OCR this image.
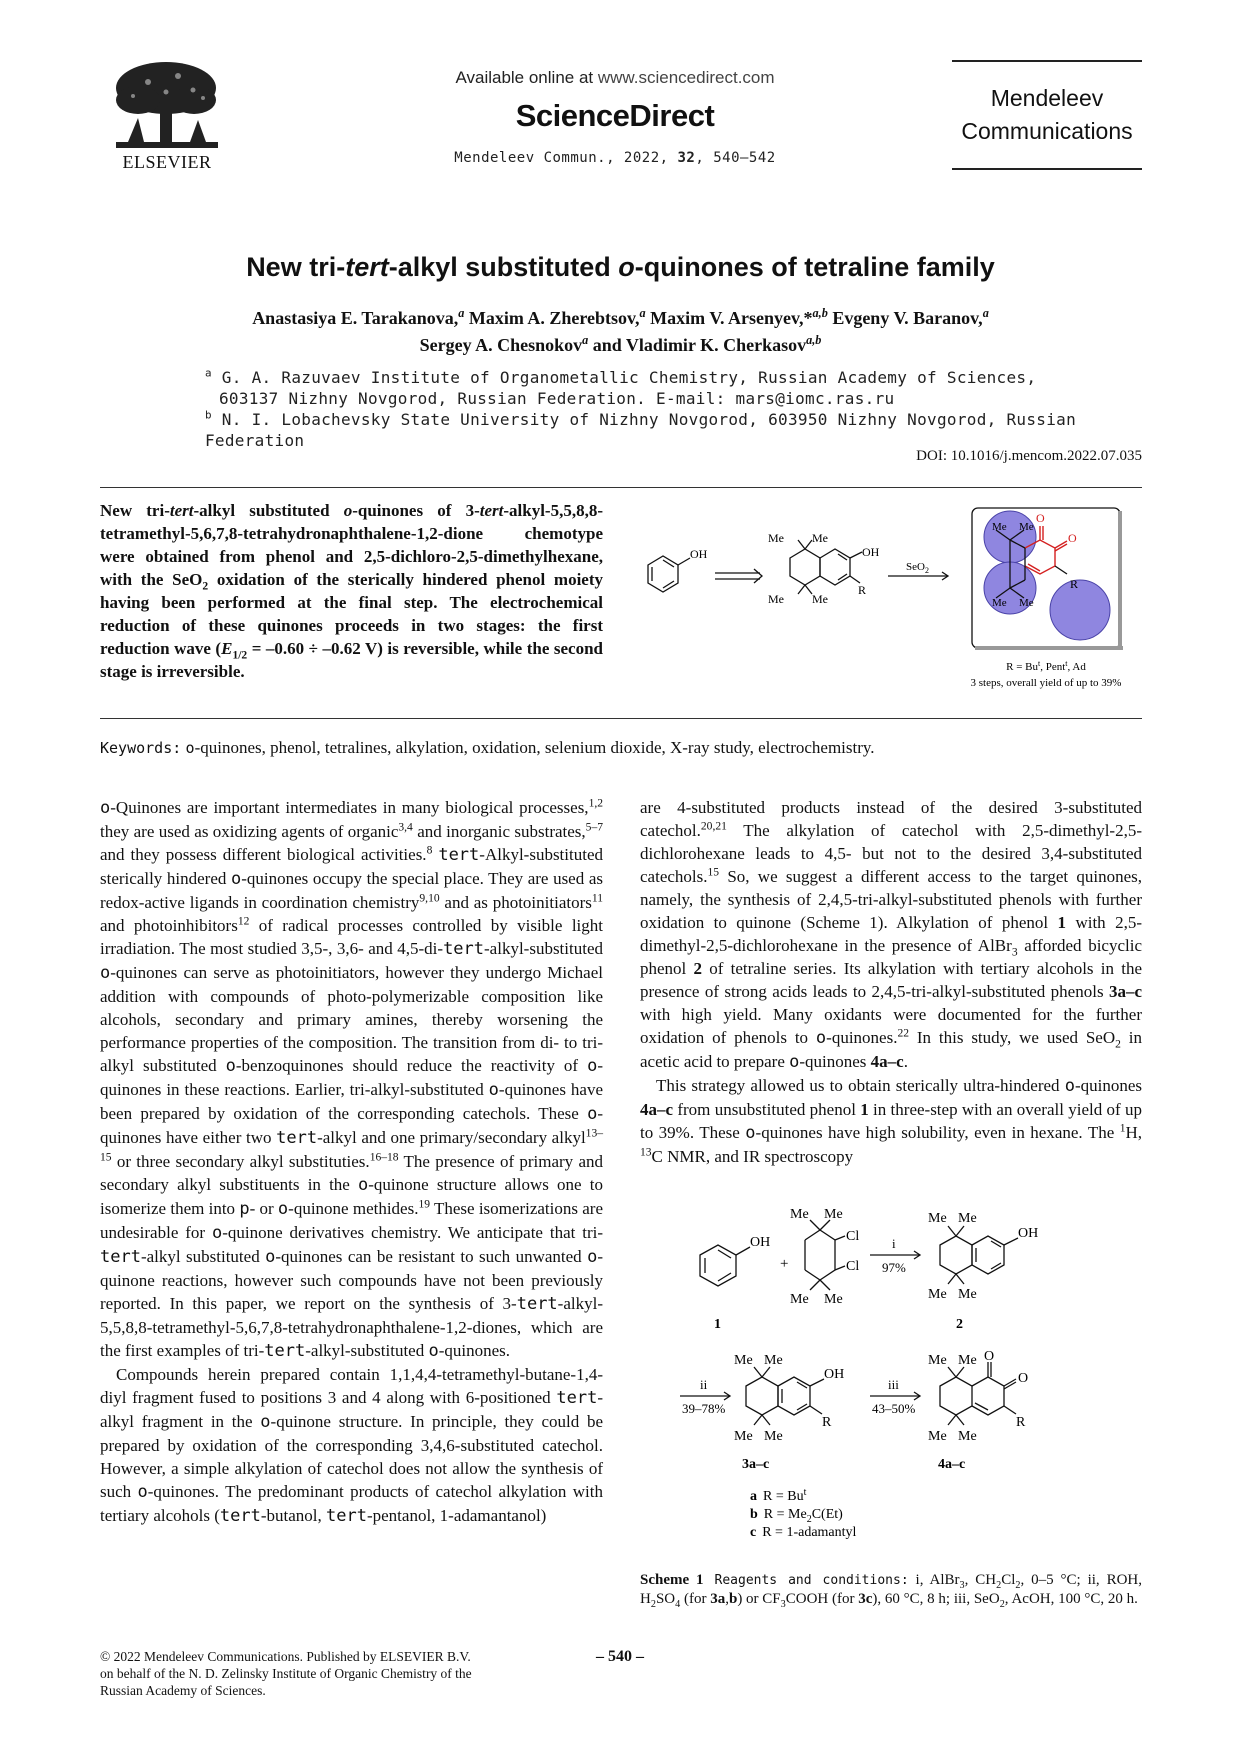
ELSEVIER
Available online at www.sciencedirect.com
ScienceDirect
Mendeleev Commun., 2022, 32, 540–542
Mendeleev
Communications
New tri-tert-alkyl substituted o-quinones of tetraline family
Anastasiya E. Tarakanova,$^a$ Maxim A. Zherebtsov,$^a$ Maxim V. Arsenyev,*$^{a,b}$ Evgeny V. Baranov,$^a$
Sergey A. Chesnokov$^a$ and Vladimir K. Cherkasov$^{a,b}$
$^a$ G. A. Razuvaev Institute of Organometallic Chemistry, Russian Academy of Sciences,
603137 Nizhny Novgorod, Russian Federation. E-mail: mars@iomc.ras.ru
$^b$ N. I. Lobachevsky State University of Nizhny Novgorod, 603950 Nizhny Novgorod, Russian Federation
DOI: 10.1016/j.mencom.2022.07.035
New tri-tert-alkyl substituted o-quinones of 3-tert-alkyl-5,5,8,8-tetramethyl-5,6,7,8-tetrahydronaphthalene-1,2-dione chemotype were obtained from phenol and 2,5-dichloro-2,5-dimethylhexane, with the SeO$_2$ oxidation of the sterically hindered phenol moiety having been performed at the final step. The electrochemical reduction of these quinones proceeds in two stages: the first reduction wave ($E_{1/2} = -0.60 \div -0.62$ V) is reversible, while the second stage is irreversible.
OH
Me Me
Me Me
OH
R
SeO$_2$
Me Me
Me Me
O
O
R
$R = Bu^t$, Pent$^t$, Ad
3 steps, overall yield of up to 39%
Keywords: o-quinones, phenol, tetralines, alkylation, oxidation, selenium dioxide, X-ray study, electrochemistry.

o-Quinones are important intermediates in many biological processes,$^{1,2}$ they are used as oxidizing agents of organic$^{3,4}$ and inorganic substrates,$^{5-7}$ and they possess different biological activities.$^8$ tert-Alkyl-substituted sterically hindered o-quinones occupy the special place. They are used as redox-active ligands in coordination chemistry$^{9,10}$ and as photoinitiators$^{11}$ and photoinhibitors$^{12}$ of radical processes controlled by visible light irradiation. The most studied 3,5-, 3,6- and 4,5-di-tert-alkyl-substituted o-quinones can serve as photoinitiators, however they undergo Michael addition with compounds of photo-polymerizable composition like alcohols, secondary and primary amines, thereby worsening the performance properties of the composition. The transition from di- to tri-alkyl substituted o-benzoquinones should reduce the reactivity of o-quinones in these reactions. Earlier, tri-alkyl-substituted o-quinones have been prepared by oxidation of the corresponding catechols. These o-quinones have either two tert-alkyl and one primary/secondary alkyl$^{13-15}$ or three secondary alkyl substituties.$^{16-18}$ The presence of primary and secondary alkyl substituents in the o-quinone structure allows one to isomerize them into p- or o-quinone methides.$^{19}$ These isomerizations are undesirable for o-quinone derivatives chemistry. We anticipate that tri-tert-alkyl substituted o-quinones can be resistant to such unwanted o-quinone reactions, however such compounds have not been previously reported. In this paper, we report on the synthesis of 3-tert-alkyl-5,5,8,8-tetramethyl-5,6,7,8-tetrahydronaphthalene-1,2-diones, which are the first examples of tri-tert-alkyl-substituted o-quinones.

Compounds herein prepared contain 1,1,4,4-tetramethyl-butane-1,4-diyl fragment fused to positions 3 and 4 along with 6-positioned tert-alkyl fragment in the o-quinone structure. In principle, they could be prepared by oxidation of the corresponding 3,4,6-substituted catechol. However, a simple alkylation of catechol does not allow the synthesis of such o-quinones. The predominant products of catechol alkylation with tertiary alcohols (tert-butanol, tert-pentanol, 1-adamantanol)

are 4-substituted products instead of the desired 3-substituted catechol.$^{20,21}$ The alkylation of catechol with 2,5-dimethyl-2,5-dichlorohexane leads to 4,5- but not to the desired 3,4-substituted catechols.$^{15}$ So, we suggest a different access to the target quinones, namely, the synthesis of 2,4,5-tri-alkyl-substituted phenols with further oxidation to quinone (Scheme 1). Alkylation of phenol 1 with 2,5-dimethyl-2,5-dichlorohexane in the presence of AlBr$_3$ afforded bicyclic phenol 2 of tetraline series. Its alkylation with tertiary alcohols in the presence of strong acids leads to 2,4,5-tri-alkyl-substituted phenols 3a–c with high yield. Many oxidants were documented for the further oxidation of phenols to o-quinones.$^{22}$ In this study, we used SeO$_2$ in acetic acid to prepare o-quinones 4a–c.

This strategy allowed us to obtain sterically ultra-hindered o-quinones 4a–c from unsubstituted phenol 1 in three-step with an overall yield of up to 39%. These o-quinones have high solubility, even in hexane. The $^1$H, $^{13}$C NMR, and IR spectroscopy

OH
+
Me Me
Cl
Cl
Me Me
i
97%
Me Me
OH
Me Me
1	2
ii
39–78%
Me Me
OH
R
Me Me
3a–c
iii
43–50%
Me Me O
O
R
Me Me
4a–c
a $R = Bu^t$
b $R = Me_2C(Et)$
c R = 1-adamantyl
Scheme 1 Reagents and conditions: i, AlBr$_3$, $CH_2Cl_2$, 0–5 °C; ii, ROH, $H_2SO_4$ (for 3a,b) or $CF_3COOH$ (for 3c), 60 °C, 8 h; iii, SeO$_2$, AcOH, 100 °C, 20 h.
© 2022 Mendeleev Communications. Published by ELSEVIER B.V.
on behalf of the N. D. Zelinsky Institute of Organic Chemistry of the
Russian Academy of Sciences.
– 540 –
